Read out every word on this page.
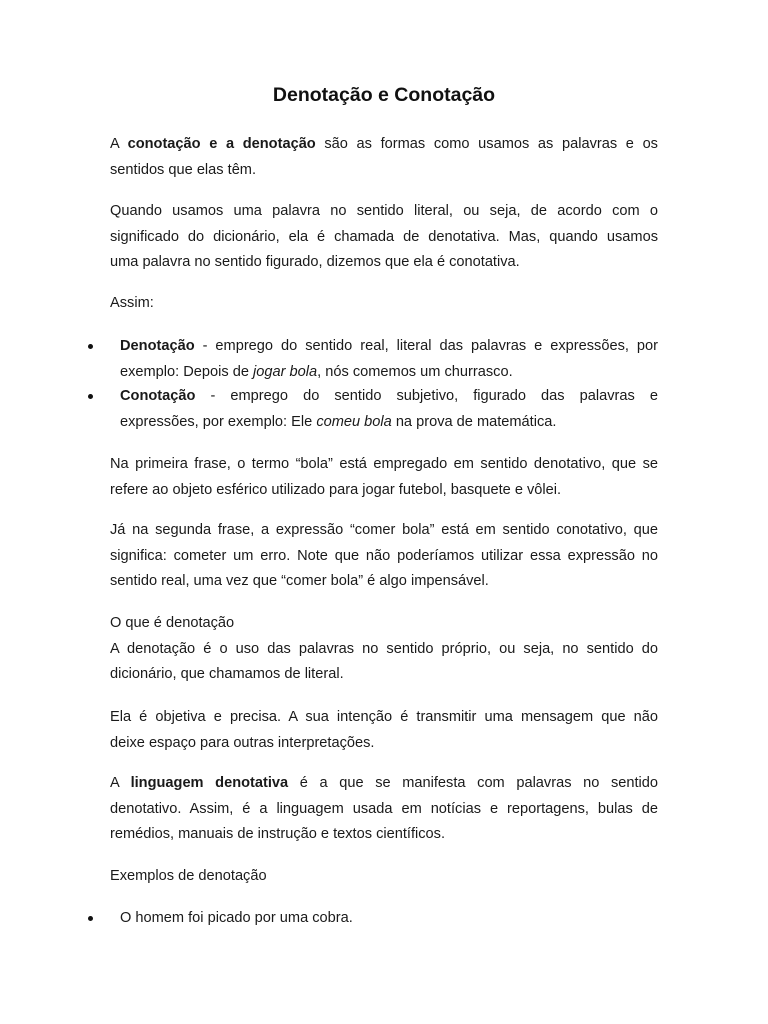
Denotação e Conotação
A conotação e a denotação são as formas como usamos as palavras e os
sentidos que elas têm.
Quando usamos uma palavra no sentido literal, ou seja, de acordo com o
significado do dicionário, ela é chamada de denotativa. Mas, quando usamos
uma palavra no sentido figurado, dizemos que ela é conotativa.
Assim:
Denotação - emprego do sentido real, literal das palavras e expressões, por
exemplo: Depois de jogar bola, nós comemos um churrasco.
Conotação - emprego do sentido subjetivo, figurado das palavras e
expressões, por exemplo: Ele comeu bola na prova de matemática.
Na primeira frase, o termo “bola” está empregado em sentido denotativo, que se
refere ao objeto esférico utilizado para jogar futebol, basquete e vôlei.
Já na segunda frase, a expressão “comer bola” está em sentido conotativo, que
significa: cometer um erro. Note que não poderíamos utilizar essa expressão no
sentido real, uma vez que “comer bola” é algo impensável.
O que é denotação
A denotação é o uso das palavras no sentido próprio, ou seja, no sentido do
dicionário, que chamamos de literal.
Ela é objetiva e precisa. A sua intenção é transmitir uma mensagem que não
deixe espaço para outras interpretações.
A linguagem denotativa é a que se manifesta com palavras no sentido
denotativo. Assim, é a linguagem usada em notícias e reportagens, bulas de
remédios, manuais de instrução e textos científicos.
Exemplos de denotação
O homem foi picado por uma cobra.
